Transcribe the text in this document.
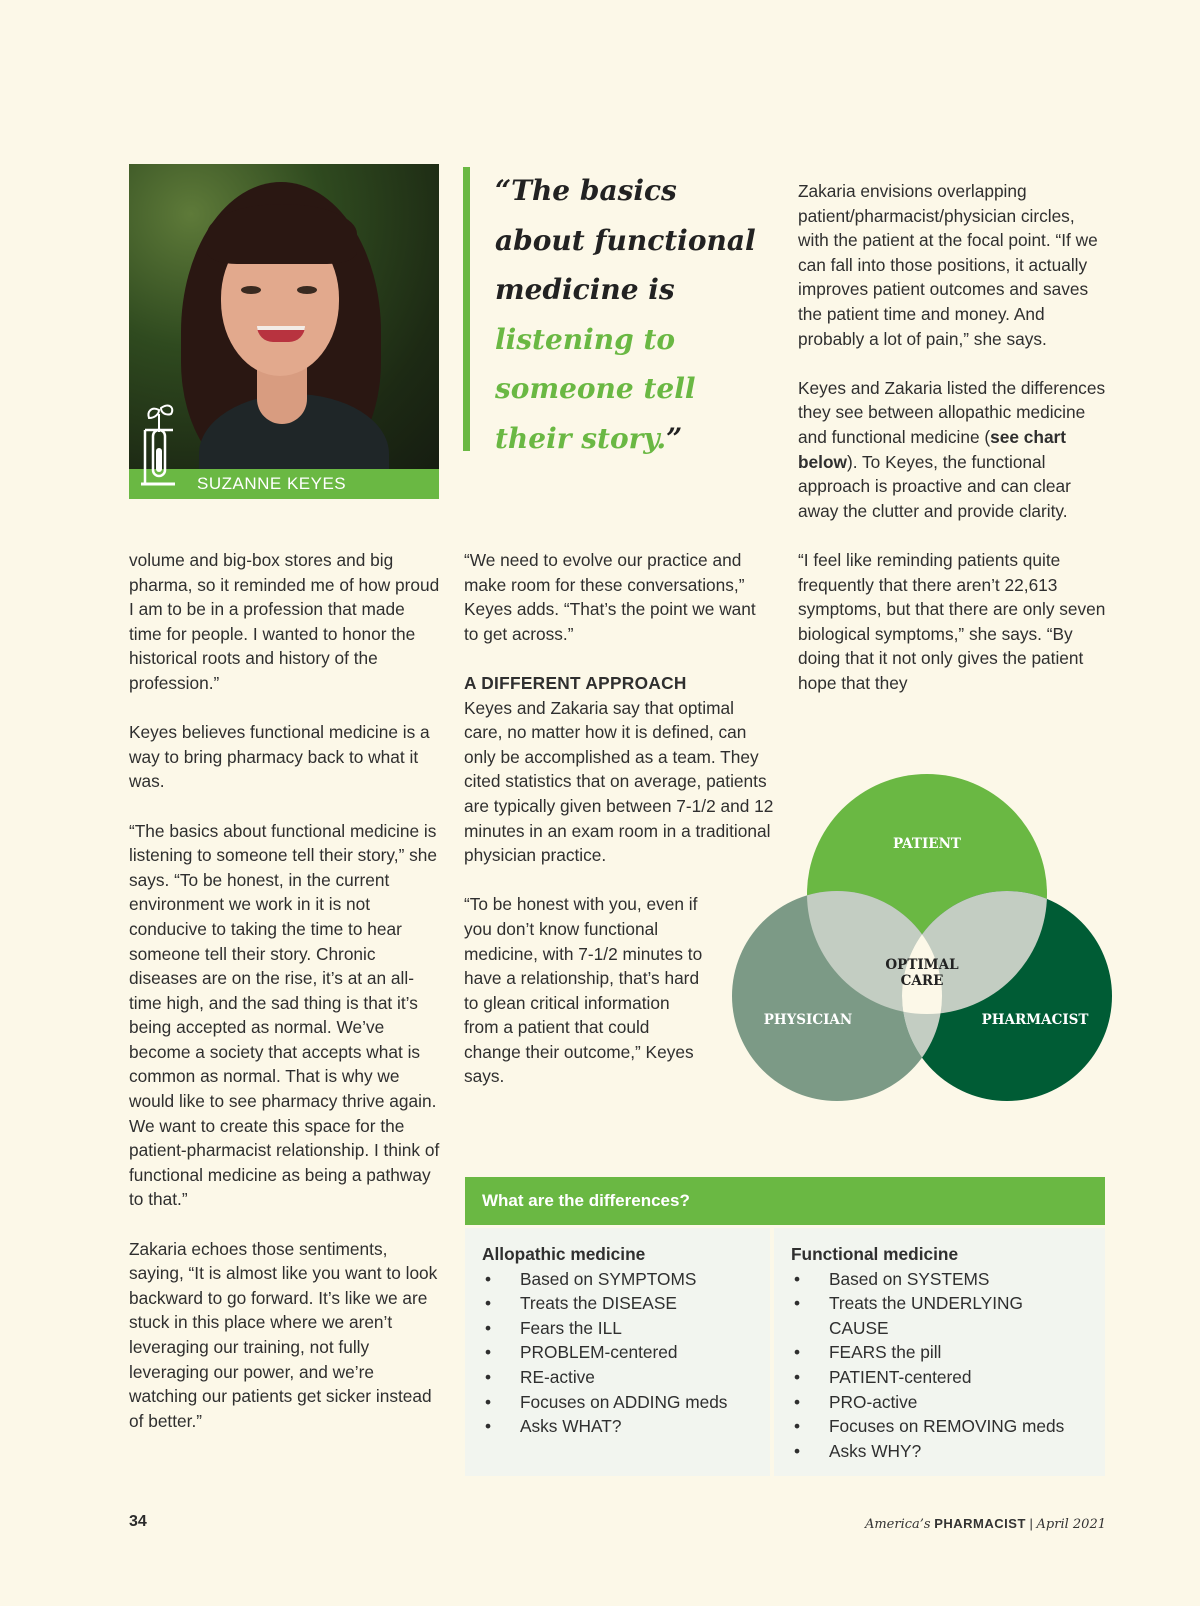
SUZANNE KEYES
“The basics
about functional
medicine is
listening to
someone tell
their story.”

volume and big-box stores and big pharma, so it reminded me of how proud I am to be in a profession that made time for people. I wanted to honor the historical roots and history of the profession.”

Keyes believes functional medicine is a way to bring pharmacy back to what it was.

“The basics about functional medicine is listening to someone tell their story,” she says. “To be honest, in the current environment we work in it is not conducive to taking the time to hear someone tell their story. Chronic diseases are on the rise, it’s at an all-time high, and the sad thing is that it’s being accepted as normal. We’ve become a society that accepts what is common as normal. That is why we would like to see pharmacy thrive again. We want to create this space for the patient-pharmacist relationship. I think of functional medicine as being a pathway to that.”

Zakaria echoes those sentiments, saying, “It is almost like you want to look backward to go forward. It’s like we are stuck in this place where we aren’t leveraging our training, not fully leveraging our power, and we’re watching our patients get sicker instead of better.”

“We need to evolve our practice and make room for these conversations,” Keyes adds. “That’s the point we want to get across.”

A DIFFERENT APPROACH

Keyes and Zakaria say that optimal care, no matter how it is defined, can only be accomplished as a team. They cited statistics that on average, patients are typically given between 7-1/2 and 12 minutes in an exam room in a traditional physician practice.

“To be honest with you, even if you don’t know functional medicine, with 7-1/2 minutes to have a relationship, that’s hard to glean critical information from a patient that could change their outcome,” Keyes says.

Zakaria envisions overlapping patient/pharmacist/physician circles, with the patient at the focal point. “If we can fall into those positions, it actually improves patient outcomes and saves the patient time and money. And probably a lot of pain,” she says.

Keyes and Zakaria listed the differences they see between allopathic medicine and functional medicine (see chart below). To Keyes, the functional approach is proactive and can clear away the clutter and provide clarity.

“I feel like reminding patients quite frequently that there aren’t 22,613 symptoms, but that there are only seven biological symptoms,” she says. “By doing that it not only gives the patient hope that they

PATIENT
PHYSICIAN	PHARMACIST
OPTIMAL
CARE
What are the differences?
Allopathic medicine
• Based on SYMPTOMS
• Treats the DISEASE
• Fears the ILL
• PROBLEM-centered
• RE-active
• Focuses on ADDING meds
• Asks WHAT?
Functional medicine
• Based on SYSTEMS
• Treats the UNDERLYING CAUSE
• FEARS the pill
• PATIENT-centered
• PRO-active
• Focuses on REMOVING meds
• Asks WHY?
34	America’s PHARMACIST | April 2021
